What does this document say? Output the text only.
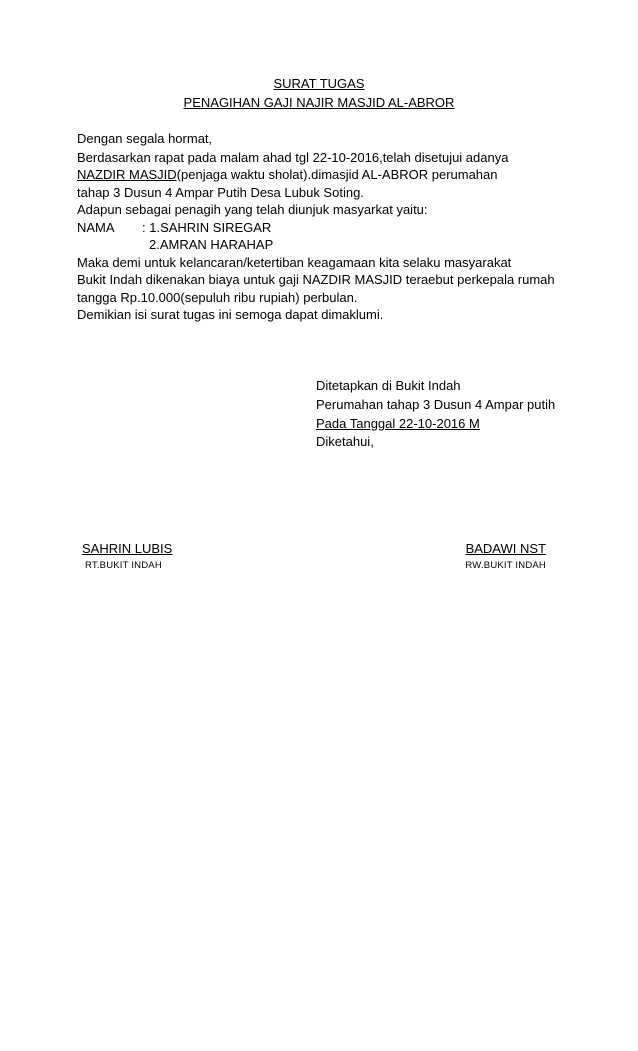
SURAT TUGAS
PENAGIHAN GAJI NAJIR MASJID AL-ABROR
Dengan segala hormat,
Berdasarkan rapat pada malam ahad tgl 22-10-2016,telah disetujui adanya
NAZDIR MASJID(penjaga waktu sholat).dimasjid AL-ABROR perumahan
tahap 3 Dusun 4 Ampar Putih Desa Lubuk Soting.
Adapun sebagai penagih yang telah diunjuk masyarkat yaitu:
NAMA : 1.SAHRIN SIREGAR
2.AMRAN HARAHAP
Maka demi untuk kelancaran/ketertiban keagamaan kita selaku masyarakat
Bukit Indah dikenakan biaya untuk gaji NAZDIR MASJID teraebut perkepala rumah
tangga Rp.10.000(sepuluh ribu rupiah) perbulan.
Demikian isi surat tugas ini semoga dapat dimaklumi.
Ditetapkan di Bukit Indah
Perumahan tahap 3 Dusun 4 Ampar putih
Pada Tanggal 22-10-2016 M
Diketahui,
SAHRIN LUBIS
RT.BUKIT INDAH
BADAWI NST
RW.BUKIT INDAH
